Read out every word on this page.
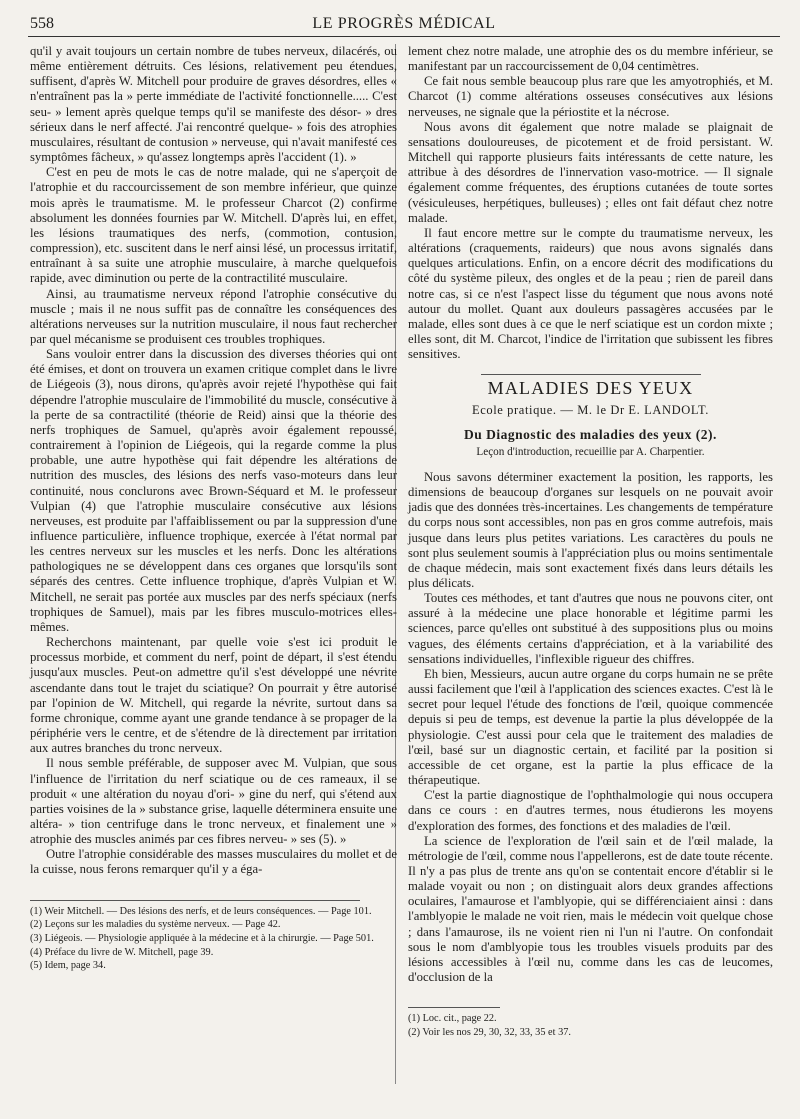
558	LE PROGRÈS MÉDICAL

qu'il y avait toujours un certain nombre de tubes nerveux, dilacérés, ou même entièrement détruits. Ces lésions, relativement peu étendues, suffisent, d'après W. Mitchell pour produire de graves désordres, elles « n'entraînent pas la » perte immédiate de l'activité fonctionnelle..... C'est seu- » lement après quelque temps qu'il se manifeste des désor- » dres sérieux dans le nerf affecté. J'ai rencontré quelque- » fois des atrophies musculaires, résultant de contusion » nerveuse, qui n'avait manifesté ces symptômes fâcheux, » qu'assez longtemps après l'accident (1). »

C'est en peu de mots le cas de notre malade, qui ne s'aperçoit de l'atrophie et du raccourcissement de son membre inférieur, que quinze mois après le traumatisme. M. le professeur Charcot (2) confirme absolument les données fournies par W. Mitchell. D'après lui, en effet, les lésions traumatiques des nerfs, (commotion, contusion, compression), etc. suscitent dans le nerf ainsi lésé, un processus irritatif, entraînant à sa suite une atrophie musculaire, à marche quelquefois rapide, avec diminution ou perte de la contractilité musculaire.

Ainsi, au traumatisme nerveux répond l'atrophie consécutive du muscle ; mais il ne nous suffit pas de connaître les conséquences des altérations nerveuses sur la nutrition musculaire, il nous faut rechercher par quel mécanisme se produisent ces troubles trophiques.

Sans vouloir entrer dans la discussion des diverses théories qui ont été émises, et dont on trouvera un examen critique complet dans le livre de Liégeois (3), nous dirons, qu'après avoir rejeté l'hypothèse qui fait dépendre l'atrophie musculaire de l'immobilité du muscle, consécutive à la perte de sa contractilité (théorie de Reid) ainsi que la théorie des nerfs trophiques de Samuel, qu'après avoir également repoussé, contrairement à l'opinion de Liégeois, qui la regarde comme la plus probable, une autre hypothèse qui fait dépendre les altérations de nutrition des muscles, des lésions des nerfs vaso-moteurs dans leur continuité, nous conclurons avec Brown-Séquard et M. le professeur Vulpian (4) que l'atrophie musculaire consécutive aux lésions nerveuses, est produite par l'affaiblissement ou par la suppression d'une influence particulière, influence trophique, exercée à l'état normal par les centres nerveux sur les muscles et les nerfs. Donc les altérations pathologiques ne se développent dans ces organes que lorsqu'ils sont séparés des centres. Cette influence trophique, d'après Vulpian et W. Mitchell, ne serait pas portée aux muscles par des nerfs spéciaux (nerfs trophiques de Samuel), mais par les fibres musculo-motrices elles-mêmes.

Recherchons maintenant, par quelle voie s'est ici produit le processus morbide, et comment du nerf, point de départ, il s'est étendu jusqu'aux muscles. Peut-on admettre qu'il s'est développé une névrite ascendante dans tout le trajet du sciatique? On pourrait y être autorisé par l'opinion de W. Mitchell, qui regarde la névrite, surtout dans sa forme chronique, comme ayant une grande tendance à se propager de la périphérie vers le centre, et de s'étendre de là directement par irritation aux autres branches du tronc nerveux.

Il nous semble préférable, de supposer avec M. Vulpian, que sous l'influence de l'irritation du nerf sciatique ou de ces rameaux, il se produit « une altération du noyau d'ori- » gine du nerf, qui s'étend aux parties voisines de la » substance grise, laquelle déterminera ensuite une altéra- » tion centrifuge dans le tronc nerveux, et finalement une » atrophie des muscles animés par ces fibres nerveu- » ses (5). »

Outre l'atrophie considérable des masses musculaires du mollet et de la cuisse, nous ferons remarquer qu'il y a éga-

(1) Weir Mitchell. — Des lésions des nerfs, et de leurs conséquences. — Page 101.

(2) Leçons sur les maladies du système nerveux. — Page 42.

(3) Liégeois. — Physiologie appliquée à la médecine et à la chirurgie. — Page 501.

(4) Préface du livre de W. Mitchell, page 39.

(5) Idem, page 34.

lement chez notre malade, une atrophie des os du membre inférieur, se manifestant par un raccourcissement de 0,04 centimètres.

Ce fait nous semble beaucoup plus rare que les amyotrophiés, et M. Charcot (1) comme altérations osseuses consécutives aux lésions nerveuses, ne signale que la périostite et la nécrose.

Nous avons dit également que notre malade se plaignait de sensations douloureuses, de picotement et de froid persistant. W. Mitchell qui rapporte plusieurs faits intéressants de cette nature, les attribue à des désordres de l'innervation vaso-motrice. — Il signale également comme fréquentes, des éruptions cutanées de toute sortes (vésiculeuses, herpétiques, bulleuses) ; elles ont fait défaut chez notre malade.

Il faut encore mettre sur le compte du traumatisme nerveux, les altérations (craquements, raideurs) que nous avons signalés dans quelques articulations. Enfin, on a encore décrit des modifications du côté du système pileux, des ongles et de la peau ; rien de pareil dans notre cas, si ce n'est l'aspect lisse du tégument que nous avons noté autour du mollet. Quant aux douleurs passagères accusées par le malade, elles sont dues à ce que le nerf sciatique est un cordon mixte ; elles sont, dit M. Charcot, l'indice de l'irritation que subissent les fibres sensitives.

MALADIES DES YEUX
Ecole pratique. — M. le Dr E. LANDOLT.
Du Diagnostic des maladies des yeux (2).
Leçon d'introduction, recueillie par A. Charpentier.

Nous savons déterminer exactement la position, les rapports, les dimensions de beaucoup d'organes sur lesquels on ne pouvait avoir jadis que des données très-incertaines. Les changements de température du corps nous sont accessibles, non pas en gros comme autrefois, mais jusque dans leurs plus petites variations. Les caractères du pouls ne sont plus seulement soumis à l'appréciation plus ou moins sentimentale de chaque médecin, mais sont exactement fixés dans leurs détails les plus délicats.

Toutes ces méthodes, et tant d'autres que nous ne pouvons citer, ont assuré à la médecine une place honorable et légitime parmi les sciences, parce qu'elles ont substitué à des suppositions plus ou moins vagues, des éléments certains d'appréciation, et à la variabilité des sensations individuelles, l'inflexible rigueur des chiffres.

Eh bien, Messieurs, aucun autre organe du corps humain ne se prête aussi facilement que l'œil à l'application des sciences exactes. C'est là le secret pour lequel l'étude des fonctions de l'œil, quoique commencée depuis si peu de temps, est devenue la partie la plus développée de la physiologie. C'est aussi pour cela que le traitement des maladies de l'œil, basé sur un diagnostic certain, et facilité par la position si accessible de cet organe, est la partie la plus efficace de la thérapeutique.

C'est la partie diagnostique de l'ophthalmologie qui nous occupera dans ce cours : en d'autres termes, nous étudierons les moyens d'exploration des formes, des fonctions et des maladies de l'œil.

La science de l'exploration de l'œil sain et de l'œil malade, la métrologie de l'œil, comme nous l'appellerons, est de date toute récente. Il n'y a pas plus de trente ans qu'on se contentait encore d'établir si le malade voyait ou non ; on distinguait alors deux grandes affections oculaires, l'amaurose et l'amblyopie, qui se différenciaient ainsi : dans l'amblyopie le malade ne voit rien, mais le médecin voit quelque chose ; dans l'amaurose, ils ne voient rien ni l'un ni l'autre. On confondait sous le nom d'amblyopie tous les troubles visuels produits par des lésions accessibles à l'œil nu, comme dans les cas de leucomes, d'occlusion de la

(1) Loc. cit., page 22.

(2) Voir les nos 29, 30, 32, 33, 35 et 37.
